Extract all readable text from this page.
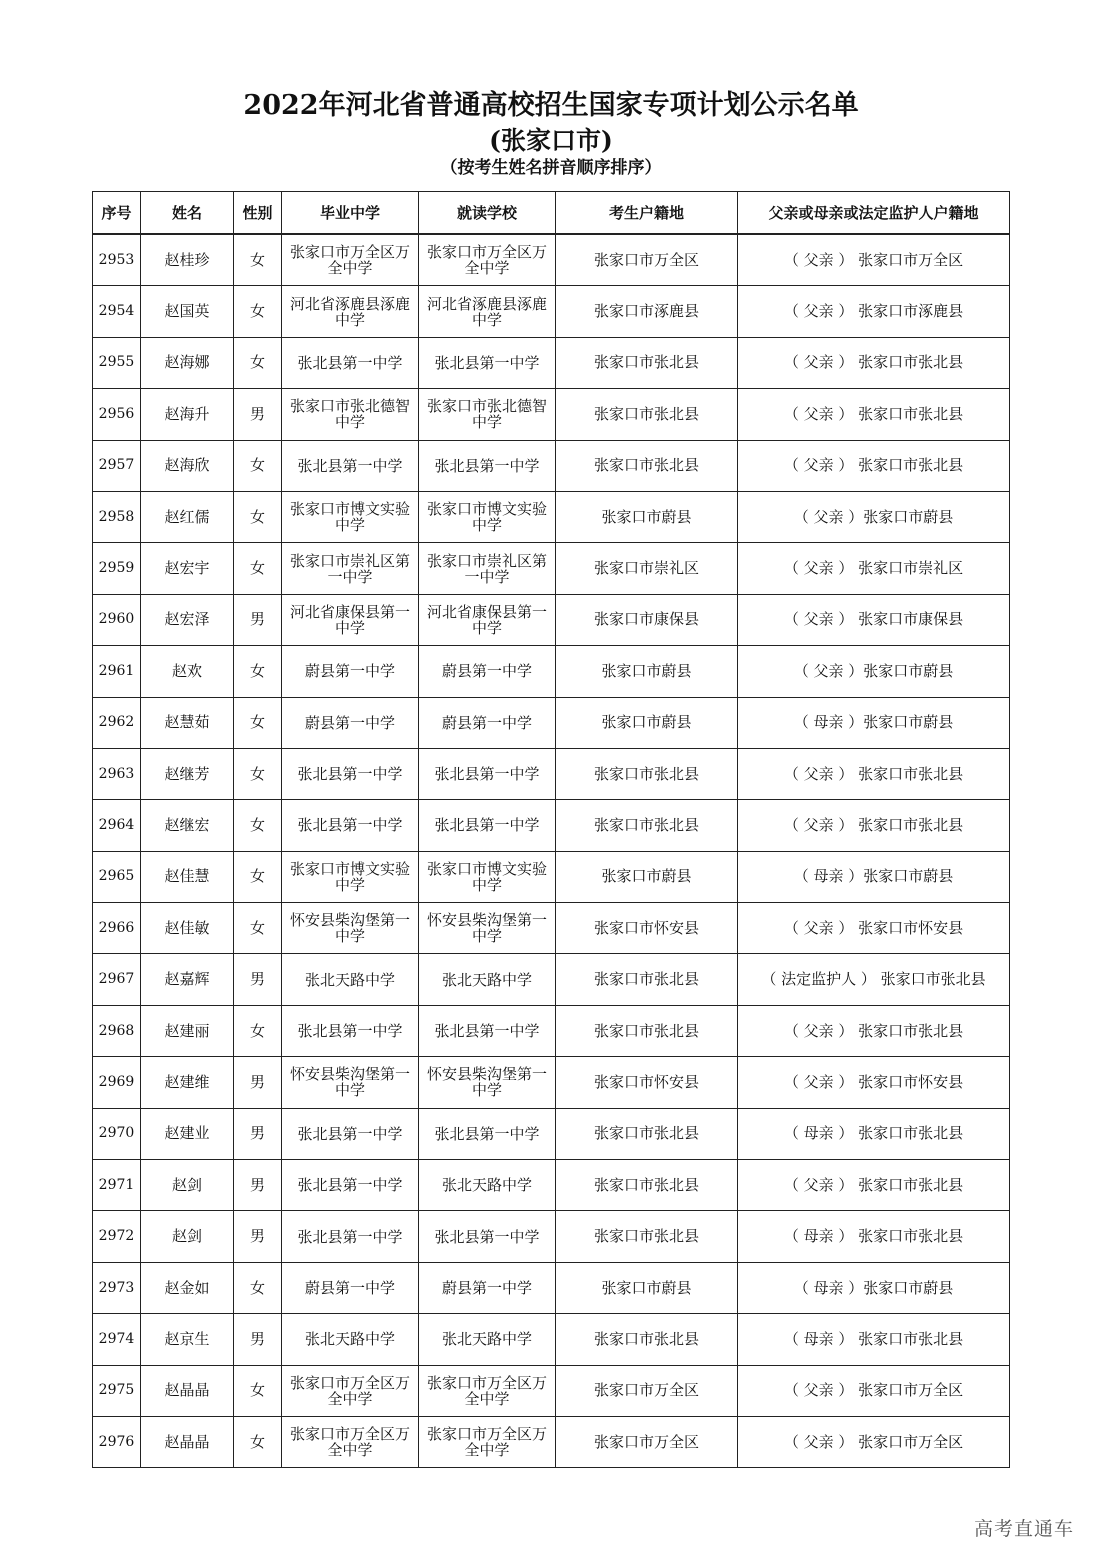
2022年河北省普通高校招生国家专项计划公示名单
(张家口市)
（按考生姓名拼音顺序排序）
序号	姓名	性别	毕业中学	就读学校	考生户籍地	父亲或母亲或法定监护人户籍地
2953	赵桂珍	女	张家口市万全区万全中学	张家口市万全区万全中学	张家口市万全区	（ 父亲 ） 张家口市万全区
2954	赵国英	女	河北省涿鹿县涿鹿中学	河北省涿鹿县涿鹿中学	张家口市涿鹿县	（ 父亲 ） 张家口市涿鹿县
2955	赵海娜	女	张北县第一中学	张北县第一中学	张家口市张北县	（ 父亲 ） 张家口市张北县
2956	赵海升	男	张家口市张北德智中学	张家口市张北德智中学	张家口市张北县	（ 父亲 ） 张家口市张北县
2957	赵海欣	女	张北县第一中学	张北县第一中学	张家口市张北县	（ 父亲 ） 张家口市张北县
2958	赵红儒	女	张家口市博文实验中学	张家口市博文实验中学	张家口市蔚县	（ 父亲 ）张家口市蔚县
2959	赵宏宇	女	张家口市崇礼区第一中学	张家口市崇礼区第一中学	张家口市崇礼区	（ 父亲 ） 张家口市崇礼区
2960	赵宏泽	男	河北省康保县第一中学	河北省康保县第一中学	张家口市康保县	（ 父亲 ） 张家口市康保县
2961	赵欢	女	蔚县第一中学	蔚县第一中学	张家口市蔚县	（ 父亲 ）张家口市蔚县
2962	赵慧茹	女	蔚县第一中学	蔚县第一中学	张家口市蔚县	（ 母亲 ）张家口市蔚县
2963	赵继芳	女	张北县第一中学	张北县第一中学	张家口市张北县	（ 父亲 ） 张家口市张北县
2964	赵继宏	女	张北县第一中学	张北县第一中学	张家口市张北县	（ 父亲 ） 张家口市张北县
2965	赵佳慧	女	张家口市博文实验中学	张家口市博文实验中学	张家口市蔚县	（ 母亲 ）张家口市蔚县
2966	赵佳敏	女	怀安县柴沟堡第一中学	怀安县柴沟堡第一中学	张家口市怀安县	（ 父亲 ） 张家口市怀安县
2967	赵嘉辉	男	张北天路中学	张北天路中学	张家口市张北县	（ 法定监护人 ） 张家口市张北县
2968	赵建丽	女	张北县第一中学	张北县第一中学	张家口市张北县	（ 父亲 ） 张家口市张北县
2969	赵建维	男	怀安县柴沟堡第一中学	怀安县柴沟堡第一中学	张家口市怀安县	（ 父亲 ） 张家口市怀安县
2970	赵建业	男	张北县第一中学	张北县第一中学	张家口市张北县	（ 母亲 ） 张家口市张北县
2971	赵剑	男	张北县第一中学	张北天路中学	张家口市张北县	（ 父亲 ） 张家口市张北县
2972	赵剑	男	张北县第一中学	张北县第一中学	张家口市张北县	（ 母亲 ） 张家口市张北县
2973	赵金如	女	蔚县第一中学	蔚县第一中学	张家口市蔚县	（ 母亲 ）张家口市蔚县
2974	赵京生	男	张北天路中学	张北天路中学	张家口市张北县	（ 母亲 ） 张家口市张北县
2975	赵晶晶	女	张家口市万全区万全中学	张家口市万全区万全中学	张家口市万全区	（ 父亲 ） 张家口市万全区
2976	赵晶晶	女	张家口市万全区万全中学	张家口市万全区万全中学	张家口市万全区	（ 父亲 ） 张家口市万全区
高考直通车
